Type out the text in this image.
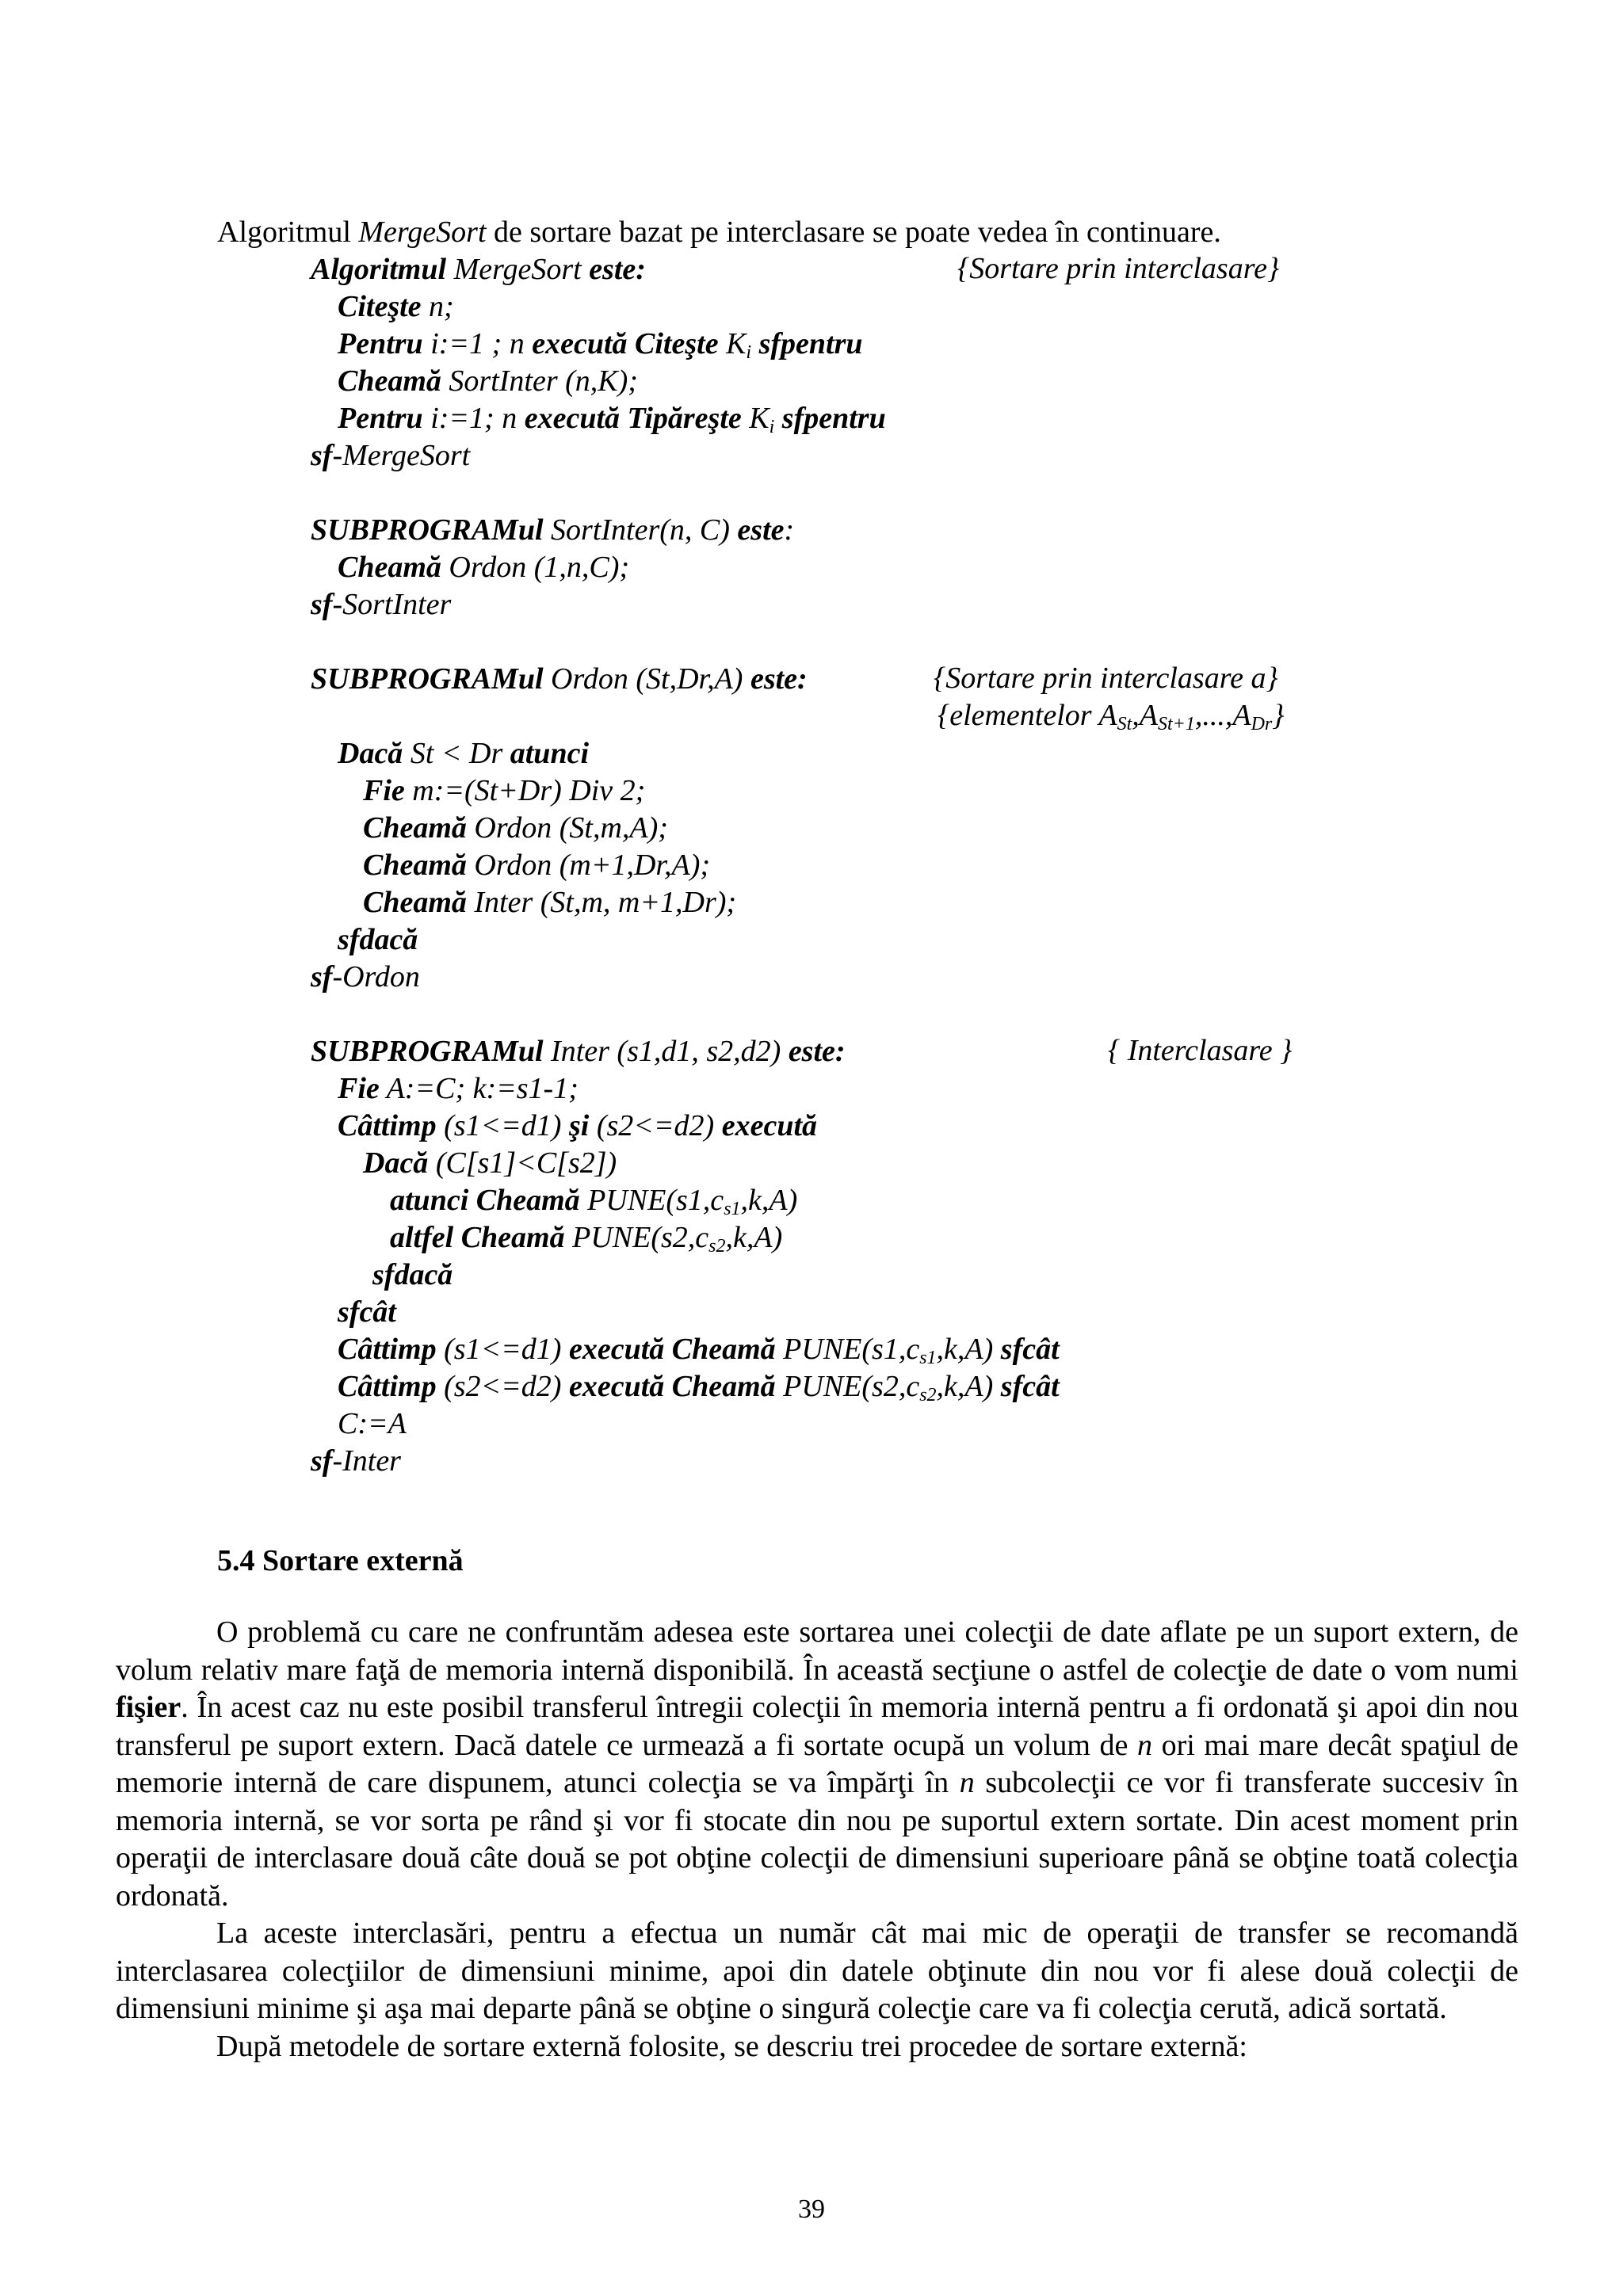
Algoritmul MergeSort de sortare bazat pe interclasare se poate vedea în continuare.
Algoritmul MergeSort este:	{Sortare prin interclasare}
Citeşte n;
Pentru i:=1 ; n execută Citeşte $K_i$ sfpentru
Cheamă SortInter (n,K);
Pentru i:=1; n execută Tipăreşte $K_i$ sfpentru
sf-MergeSort
SUBPROGRAMul SortInter(n, C) este:
Cheamă Ordon (1,n,C);
sf-SortInter
SUBPROGRAMul Ordon (St,Dr,A) este:	{Sortare prin interclasare a}
{elementelor $A_{St},A_{St+1},...,A_{Dr}$}
Dacă St < Dr atunci
Fie m:=(St+Dr) Div 2;
Cheamă Ordon (St,m,A);
Cheamă Ordon (m+1,Dr,A);
Cheamă Inter (St,m, m+1,Dr);
sfdacă
sf-Ordon
SUBPROGRAMul Inter (s1,d1, s2,d2) este:	{ Interclasare }
Fie A:=C; k:=s1-1;
Câttimp (s1<=d1) şi (s2<=d2) execută
Dacă (C[s1]<C[s2])
atunci Cheamă $PUNE(s1,c_{s1},k,A)$
altfel Cheamă $PUNE(s2,c_{s2},k,A)$
sfdacă
sfcât
Câttimp (s1<=d1) execută Cheamă $PUNE(s1,c_{s1},k,A)$ sfcât
Câttimp (s2<=d2) execută Cheamă $PUNE(s2,c_{s2},k,A)$ sfcât
C:=A
sf-Inter
5.4 Sortare externă

O problemă cu care ne confruntăm adesea este sortarea unei colecţii de date aflate pe un suport extern, de volum relativ mare faţă de memoria internă disponibilă. În această secţiune o astfel de colecţie de date o vom numi fişier. În acest caz nu este posibil transferul întregii colecţii în memoria internă pentru a fi ordonată şi apoi din nou transferul pe suport extern. Dacă datele ce urmează a fi sortate ocupă un volum de n ori mai mare decât spaţiul de memorie internă de care dispunem, atunci colecţia se va împărţi în n subcolecţii ce vor fi transferate succesiv în memoria internă, se vor sorta pe rând şi vor fi stocate din nou pe suportul extern sortate. Din acest moment prin operaţii de interclasare două câte două se pot obţine colecţii de dimensiuni superioare până se obţine toată colecţia ordonată.

La aceste interclasări, pentru a efectua un număr cât mai mic de operaţii de transfer se recomandă interclasarea colecţiilor de dimensiuni minime, apoi din datele obţinute din nou vor fi alese două colecţii de dimensiuni minime şi aşa mai departe până se obţine o singură colecţie care va fi colecţia cerută, adică sortată.

După metodele de sortare externă folosite, se descriu trei procedee de sortare externă:

39
